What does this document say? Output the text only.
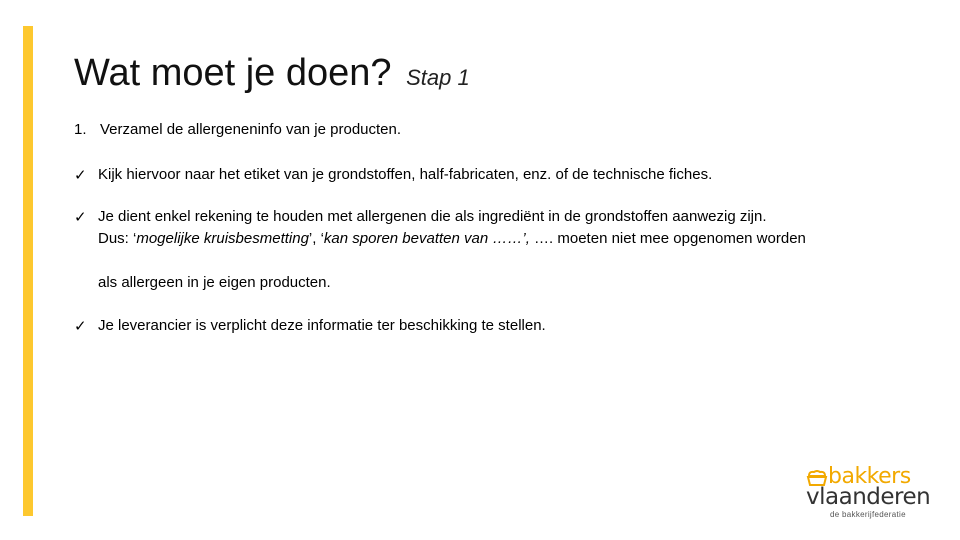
Wat moet je doen? Stap 1
1. Verzamel de allergeneninfo van je producten.
✓ Kijk hiervoor naar het etiket van je grondstoffen, half-fabricaten, enz. of de technische fiches.
✓ Je dient enkel rekening te houden met allergenen die als ingrediënt in de grondstoffen aanwezig zijn.
Dus: ‘mogelijke kruisbesmetting’, ‘kan sporen bevatten van ……’, …. moeten niet mee opgenomen worden
als allergeen in je eigen producten.
✓ Je leverancier is verplicht deze informatie ter beschikking te stellen.
bakkers
vlaanderen
de bakkerijfederatie
